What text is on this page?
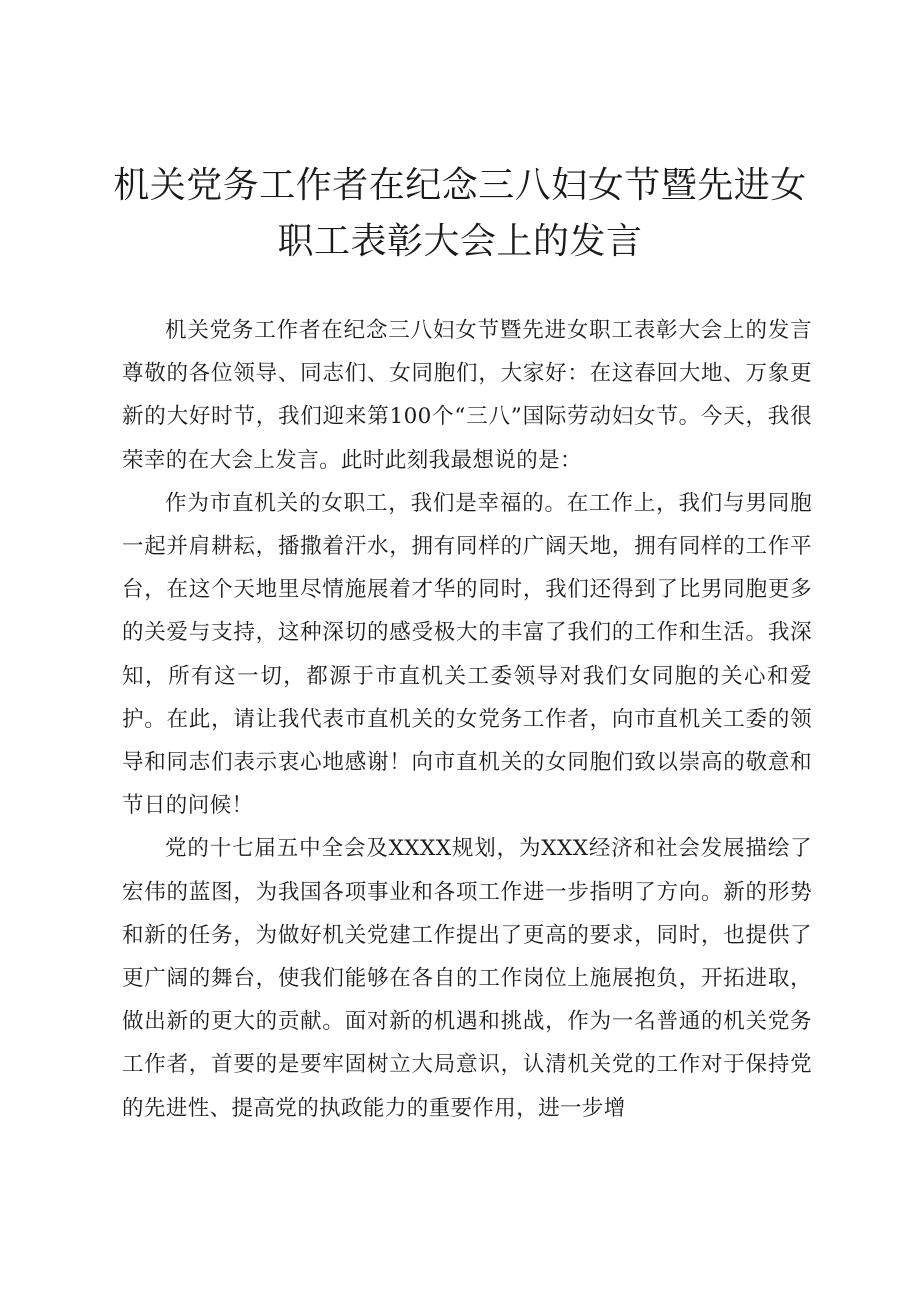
机关党务工作者在纪念三八妇女节暨先进女职工表彰大会上的发言

机关党务工作者在纪念三八妇女节暨先进女职工表彰大会上的发言尊敬的各位领导、同志们、女同胞们，大家好：在这春回大地、万象更新的大好时节，我们迎来第100个“三八”国际劳动妇女节。今天，我很荣幸的在大会上发言。此时此刻我最想说的是：

作为市直机关的女职工，我们是幸福的。在工作上，我们与男同胞一起并肩耕耘，播撒着汗水，拥有同样的广阔天地，拥有同样的工作平台，在这个天地里尽情施展着才华的同时，我们还得到了比男同胞更多的关爱与支持，这种深切的感受极大的丰富了我们的工作和生活。我深知，所有这一切，都源于市直机关工委领导对我们女同胞的关心和爱护。在此，请让我代表市直机关的女党务工作者，向市直机关工委的领导和同志们表示衷心地感谢！向市直机关的女同胞们致以崇高的敬意和节日的问候！

党的十七届五中全会及XXXX规划，为XXX经济和社会发展描绘了宏伟的蓝图，为我国各项事业和各项工作进一步指明了方向。新的形势和新的任务，为做好机关党建工作提出了更高的要求，同时，也提供了更广阔的舞台，使我们能够在各自的工作岗位上施展抱负，开拓进取，做出新的更大的贡献。面对新的机遇和挑战，作为一名普通的机关党务工作者，首要的是要牢固树立大局意识，认清机关党的工作对于保持党的先进性、提高党的执政能力的重要作用，进一步增
